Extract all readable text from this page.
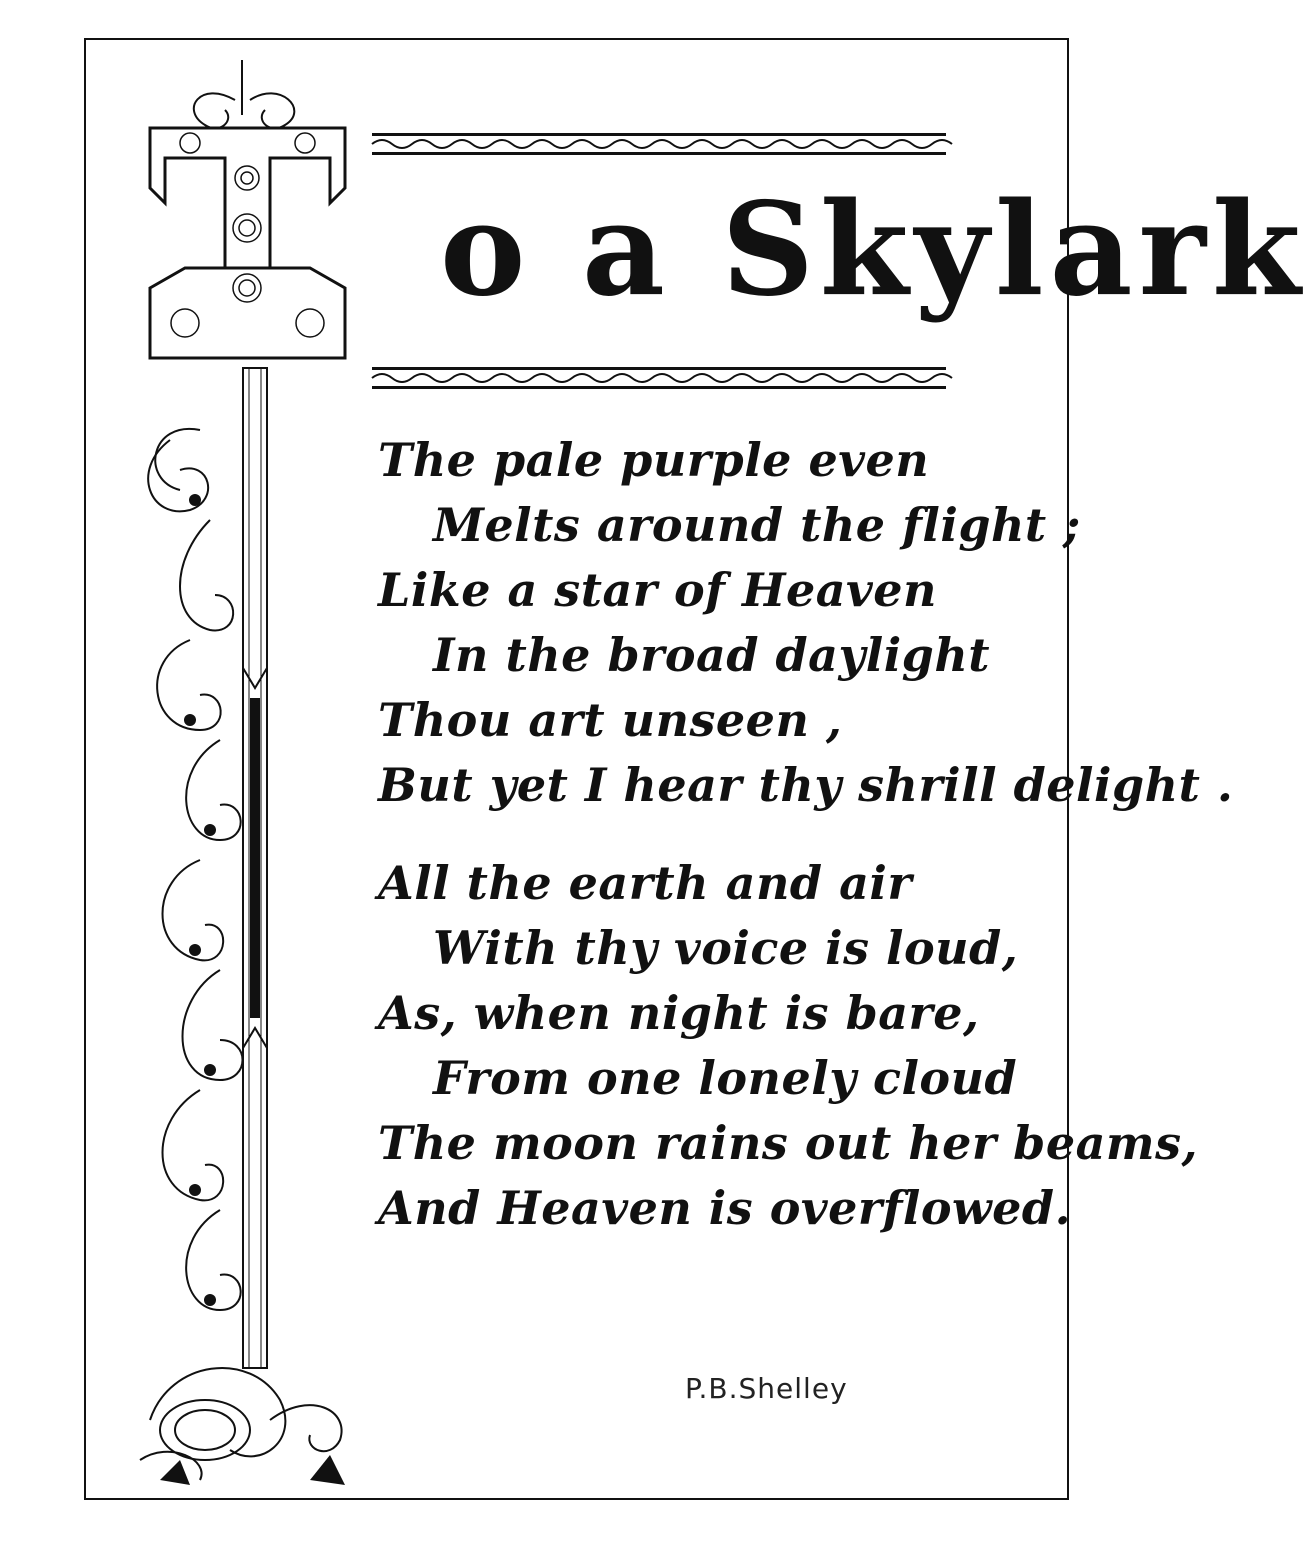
T o a Skylark
The pale purple even
Melts around the flight ;
Like a star of Heaven
In the broad daylight
Thou art unseen ,
But yet I hear thy shrill delight .
All the earth and air
With thy voice is loud,
As, when night is bare,
From one lonely cloud
The moon rains out her beams,
And Heaven is overflowed.
P.B.Shelley
